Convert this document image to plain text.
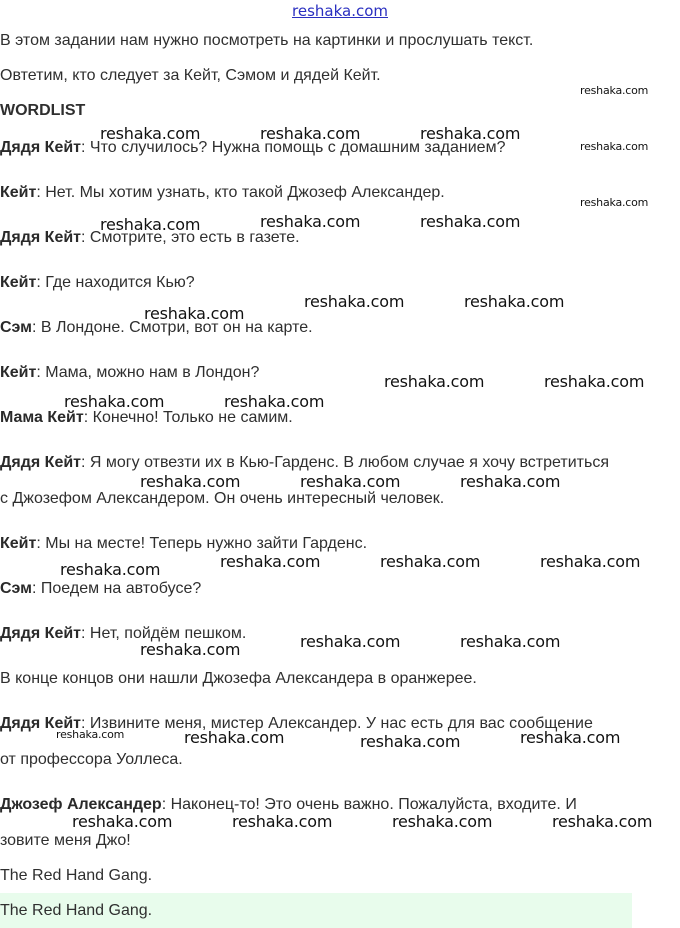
reshaka.com
В этом задании нам нужно посмотреть на картинки и прослушать текст.
Овтетим, кто следует за Кейт, Сэмом и дядей Кейт.
WORDLIST
Дядя Кейт: Что случилось? Нужна помощь с домашним заданием?
Кейт: Нет. Мы хотим узнать, кто такой Джозеф Александер.
Дядя Кейт: Смотрите, это есть в газете.
Кейт: Где находится Кью?
Сэм: В Лондоне. Смотри, вот он на карте.
Кейт: Мама, можно нам в Лондон?
Мама Кейт: Конечно! Только не самим.
Дядя Кейт: Я могу отвезти их в Кью-Гарденс. В любом случае я хочу встретиться
с Джозефом Александером. Он очень интересный человек.
Кейт: Мы на месте! Теперь нужно зайти Гарденс.
Сэм: Поедем на автобусе?
Дядя Кейт: Нет, пойдём пешком.
В конце концов они нашли Джозефа Александера в оранжерее.
Дядя Кейт: Извините меня, мистер Александер. У нас есть для вас сообщение
от профессора Уоллеса.
Джозеф Александер: Наконец-то! Это очень важно. Пожалуйста, входите. И
зовите меня Джо!
The Red Hand Gang.
The Red Hand Gang.
reshaka.com
reshaka.com
reshaka.com
reshaka.com	reshaka.com	reshaka.com
reshaka.com	reshaka.com	reshaka.com
reshaka.com	reshaka.com
reshaka.com
reshaka.com	reshaka.com
reshaka.com	reshaka.com
reshaka.com	reshaka.com	reshaka.com
reshaka.com	reshaka.com	reshaka.com
reshaka.com
reshaka.com	reshaka.com
reshaka.com
reshaka.com	reshaka.com	reshaka.com	reshaka.com
reshaka.com	reshaka.com	reshaka.com	reshaka.com
